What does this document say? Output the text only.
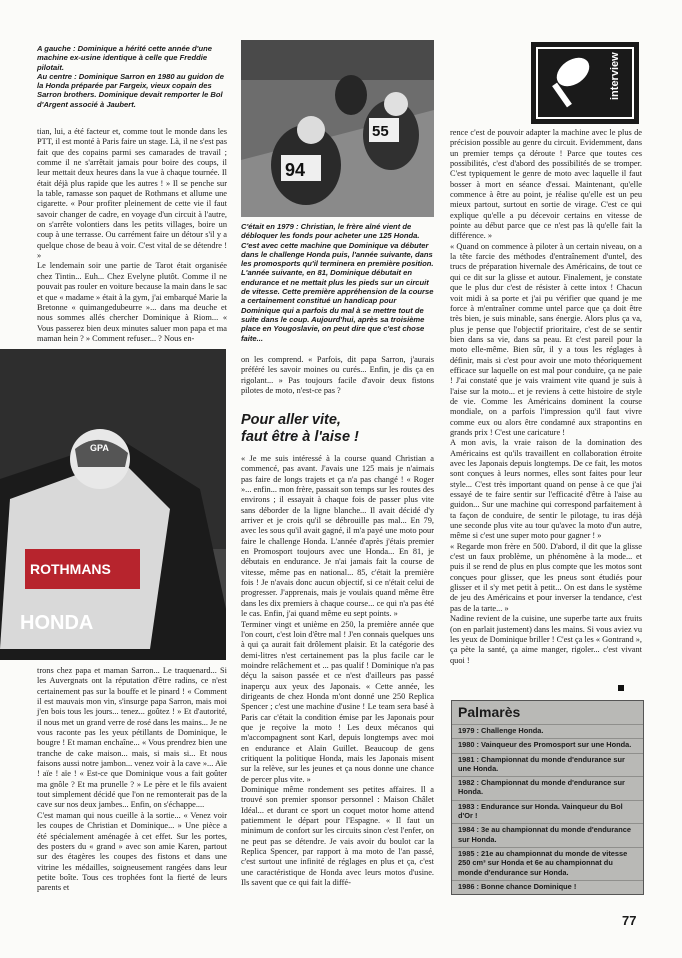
A gauche : Dominique a hérité cette année d'une machine ex-usine identique à celle que Freddie pilotait.
Au centre : Dominique Sarron en 1980 au guidon de la Honda préparée par Fargeix, vieux copain des Sarron brothers. Dominique devait remporter le Bol d'Argent associé à Jaubert.

tian, lui, a été facteur et, comme tout le monde dans les PTT, il est monté à Paris faire un stage. Là, il ne s'est pas fait que des copains parmi ses camarades de travail ; comme il ne s'arrêtait jamais pour boire des coups, il leur mettait deux heures dans la vue à chaque tournée. Il était déjà plus rapide que les autres ! » Il se penche sur la table, ramasse son paquet de Rothmans et allume une cigarette. « Pour profiter pleinement de cette vie il faut savoir changer de cadre, en voyage d'un circuit à l'autre, on s'arrête volontiers dans les petits villages, boire un coup à une terrasse. Ou carrément faire un détour s'il y a quelque chose de beau à voir. C'est vital de se détendre ! »
Le lendemain soir une partie de Tarot était organisée chez Tintin... Euh... Chez Evelyne plutôt. Comme il ne pouvait pas rouler en voiture because la main dans le sac et que « madame » était à la gym, j'ai embarqué Marie la Bretonne « quimangedubeurre »... dans ma deuche et nous sommes allés chercher Dominique à Riom... « Vous passerez bien deux minutes saluer mon papa et ma maman hein ? » Comment refuser... ? Nous en-

ROTHMANS
HONDA
GPA

trons chez papa et maman Sarron... Le traquenard... Si les Auvergnats ont la réputation d'être radins, ce n'est certainement pas sur la bouffe et le pinard ! « Comment il est mauvais mon vin, s'insurge papa Sarron, mais moi j'en bois tous les jours... tenez... goûtez ! » Et d'autorité, il nous met un grand verre de rosé dans les mains... Je ne vous raconte pas les yeux pétillants de Dominique, le bougre ! Et maman enchaîne... « Vous prendrez bien une tranche de cake maison... mais, si mais si... Et nous faisons aussi notre jambon... venez voir à la cave »... Aïe ! aïe ! aïe ! « Est-ce que Dominique vous a fait goûter ma gnôle ? Et ma prunelle ? » Le père et le fils avaient tout simplement décidé que l'on ne remonterait pas de la cave sur nos deux jambes... Enfin, on s'échappe....
C'est maman qui nous cueille à la sortie... « Venez voir les coupes de Christian et Dominique... » Une pièce a été spécialement aménagée à cet effet. Sur les portes, des posters du « grand » avec son amie Karen, partout sur des étagères les coupes des fistons et dans une vitrine les médailles, soigneusement rangées dans leur petite boîte. Tous ces trophées font la fierté de leurs parents et

94
55

C'était en 1979 : Christian, le frère aîné vient de débloquer les fonds pour acheter une 125 Honda. C'est avec cette machine que Dominique va débuter dans le challenge Honda puis, l'année suivante, dans les promosports qu'il terminera en première position. L'année suivante, en 81, Dominique débutait en endurance et ne mettait plus les pieds sur un circuit de vitesse. Cette première appréhension de la course a certainement constitué un handicap pour Dominique qui a parfois du mal à se mettre tout de suite dans le coup. Aujourd'hui, après sa troisième place en Yougoslavie, on peut dire que c'est chose faite...

on les comprend. « Parfois, dit papa Sarron, j'aurais préféré les savoir moines ou curés... Enfin, je dis ça en rigolant... » Pas toujours facile d'avoir deux fistons pilotes de moto, n'est-ce pas ?

Pour aller vite,
faut être à l'aise !

« Je me suis intéressé à la course quand Christian a commencé, pas avant. J'avais une 125 mais je n'aimais pas faire de longs trajets et ça n'a pas changé ! « Roger »... enfin... mon frère, passait son temps sur les routes des environs ; il essayait à chaque fois de passer plus vite sans déborder de la ligne blanche... Il avait décidé d'y arriver et je crois qu'il se débrouille pas mal... En 79, avec les sous qu'il avait gagné, il m'a payé une moto pour faire le challenge Honda. L'année d'après j'étais premier en Promosport toujours avec une Honda... En 81, je débutais en endurance. Je n'ai jamais fait la course de vitesse, même pas en national... 85, c'était la première fois ! Je n'avais donc aucun objectif, si ce n'était celui de progresser. J'apprenais, mais je voulais quand même être dans les dix premiers à chaque course... ce qui n'a pas été le cas. Enfin, j'ai quand même eu sept points. »
Terminer vingt et unième en 250, la première année que l'on court, c'est loin d'être mal ! J'en connais quelques uns à qui ça aurait fait drôlement plaisir. Et la catégorie des demi-litres n'est certainement pas la plus facile car le moindre relâchement et ... pas qualif ! Dominique n'a pas déçu la saison passée et ce n'est d'ailleurs pas passé inaperçu aux yeux des Japonais. « Cette année, les dirigeants de chez Honda m'ont donné une 250 Replica Spencer ; c'est une machine d'usine ! Le team sera basé à Paris car c'était la condition émise par les Japonais pour que je reçoive la moto ! Les deux mécanos qui m'accompagnent sont Karl, depuis longtemps avec moi en endurance et Alain Guillet. Beaucoup de gens critiquent la politique Honda, mais les Japonais misent sur la relève, sur les jeunes et ça nous donne une chance de percer plus vite. »
Dominique même rondement ses petites affaires. Il a trouvé son premier sponsor personnel : Maison Châlet Idéal... et durant ce sport un coquet motor home attend patiemment le départ pour l'Espagne. « Il faut un minimum de confort sur les circuits sinon c'est l'enfer, on ne peut pas se détendre. Je vais avoir du boulot car la Replica Spencer, par rapport à ma moto de l'an passé, c'est surtout une infinité de réglages en plus et ça, c'est une caractéristique de Honda avec leurs motos d'usine. Ils savent que ce qui fait la diffé-

interview

rence c'est de pouvoir adapter la machine avec le plus de précision possible au genre du circuit. Evidemment, dans un premier temps ça déroute ! Parce que toutes ces possibilités, c'est d'abord des possibilités de se tromper. C'est typiquement le genre de moto avec laquelle il faut bosser à mort en séance d'essai. Maintenant, qu'elle commence à être au point, je réalise qu'elle est un peu mieux partout, surtout en sortie de virage. C'est ce qui explique qu'elle a pu décevoir certains en vitesse de pointe au début parce que ce n'est pas là qu'elle fait la différence. »
« Quand on commence à piloter à un certain niveau, on a la tête farcie des méthodes d'entraînement d'untel, des trucs de préparation hivernale des Américains, de tout ce qui ce dit sur la glisse et autour. Finalement, je constate que le plus dur c'est de résister à cette intox ! Chacun voit midi à sa porte et j'ai pu vérifier que quand je me force à m'entraîner comme untel parce que ça doit être très bien, je suis minable, sans énergie. Alors plus ça va, plus je pense que l'objectif prioritaire, c'est de se sentir bien dans sa vie, dans sa peau. Et c'est pareil pour la moto elle-même. Bien sûr, il y a tous les réglages à définir, mais si c'est pour avoir une moto théoriquement efficace sur laquelle on est mal pour conduire, ça ne paie ! J'ai constaté que je vais vraiment vite quand je suis à l'aise sur la moto... et je reviens à cette histoire de style de vie. Comme les Américains dominent la course mondiale, on a parfois l'impression qu'il faut vivre comme eux ou alors être condamné aux strapontins en grands prix ! C'est une caricature !
A mon avis, la vraie raison de la domination des Américains est qu'ils travaillent en collaboration étroite avec les Japonais depuis longtemps. De ce fait, les motos sont conçues à leurs normes, elles sont faites pour leur style... C'est très important quand on pense à ce que j'ai essayé de te faire sentir sur l'efficacité d'être à l'aise au guidon... Sur une machine qui correspond parfaitement à ta façon de conduire, de sentir le pilotage, tu iras déjà une seconde plus vite au tour qu'avec la moto d'un autre, même si c'est une super moto pour gagner ! »
« Regarde mon frère en 500. D'abord, il dit que la glisse c'est un faux problème, un phénomène à la mode... et puis il se rend de plus en plus compte que les motos sont conçues pour glisser, que les pneus sont étudiés pour glisser et il s'y met petit à petit... On est dans le système de jeu des Américains et pour inverser la tendance, c'est pas de la tarte... »
Nadine revient de la cuisine, une superbe tarte aux fruits (on en parlait justement) dans les mains. Si vous aviez vu les yeux de Dominique briller ! C'est ça les « Gontrand », ça pète la santé, ça aime manger, rigoler... c'est vivant quoi !

Palmarès

1979 : Challenge Honda.
1980 : Vainqueur des Promosport sur une Honda.
1981 : Championnat du monde d'endurance sur une Honda.
1982 : Championnat du monde d'endurance sur Honda.
1983 : Endurance sur Honda. Vainqueur du Bol d'Or !
1984 : 3e au championnat du monde d'endurance sur Honda.
1985 : 21e au championnat du monde de vitesse 250 cm³ sur Honda et 6e au championnat du monde d'endurance sur Honda.
1986 : Bonne chance Dominique !
77
